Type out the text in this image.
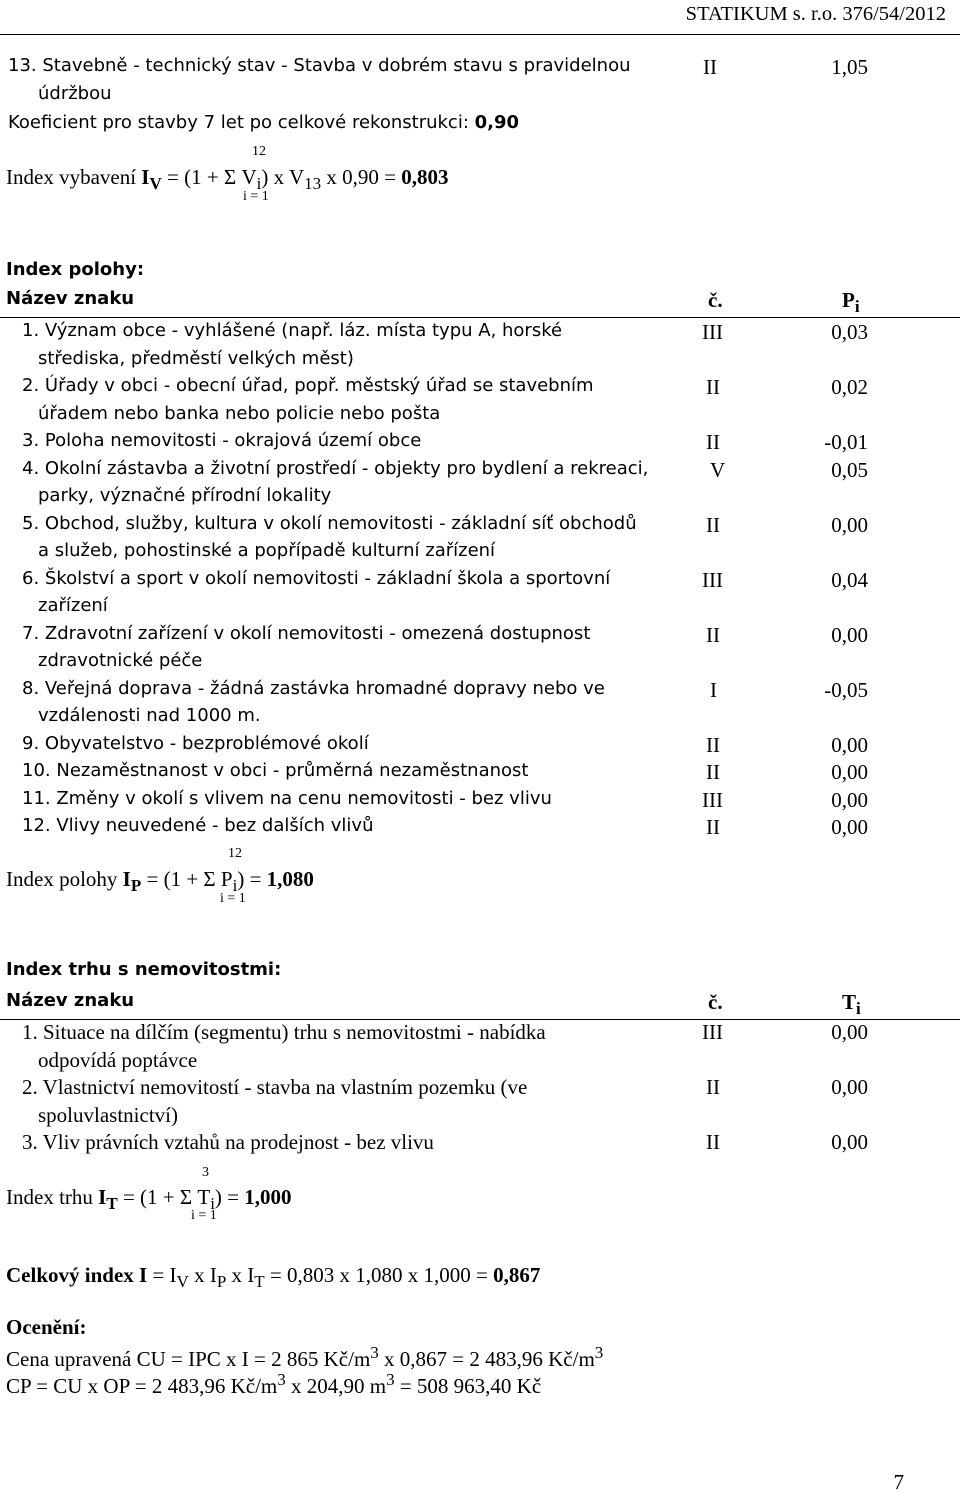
STATIKUM s. r.o. 376/54/2012
13. Stavebně - technický stav - Stavba v dobrém stavu s pravidelnou
údržbou
II	1,05
Koeficient pro stavby 7 let po celkové rekonstrukci: 0,90
12
Index vybavení $I_V = (1 + \Sigma$ $V_i$) x $V_{13}$ x 0,90 = 0,803
i = 1
Index polohy:
Název znaku	č.	$P_i$
1. Význam obce - vyhlášené (např. láz. místa typu A, horské	III	0,03
střediska, předměstí velkých měst)
2. Úřady v obci - obecní úřad, popř. městský úřad se stavebním	II	0,02
úřadem nebo banka nebo policie nebo pošta
3. Poloha nemovitosti - okrajová území obce	II	-0,01
4. Okolní zástavba a životní prostředí - objekty pro bydlení a rekreaci,	V	0,05
parky, význačné přírodní lokality
5. Obchod, služby, kultura v okolí nemovitosti - základní síť obchodů	II	0,00
a služeb, pohostinské a popřípadě kulturní zařízení
6. Školství a sport v okolí nemovitosti - základní škola a sportovní	III	0,04
zařízení
7. Zdravotní zařízení v okolí nemovitosti - omezená dostupnost	II	0,00
zdravotnické péče
8. Veřejná doprava - žádná zastávka hromadné dopravy nebo ve	I	-0,05
vzdálenosti nad 1000 m.
9. Obyvatelstvo - bezproblémové okolí	II	0,00
10. Nezaměstnanost v obci - průměrná nezaměstnanost	II	0,00
11. Změny v okolí s vlivem na cenu nemovitosti - bez vlivu	III	0,00
12. Vlivy neuvedené - bez dalších vlivů	II	0,00
12
Index polohy $I_P = (1 + \Sigma$ $P_i) = 1,080$
i = 1
Index trhu s nemovitostmi:
Název znaku	č.	$T_i$
1. Situace na dílčím (segmentu) trhu s nemovitostmi - nabídka	III	0,00
odpovídá poptávce
2. Vlastnictví nemovitostí - stavba na vlastním pozemku (ve	II	0,00
spoluvlastnictví)
3. Vliv právních vztahů na prodejnost - bez vlivu	II	0,00
3
Index trhu $I_T = (1 + \Sigma$ $T_i) = 1,000$
i = 1
Celkový index $I = I_V$ x $I_P$ x $I_T = 0,803$ x 1,080 x 1,000 = 0,867
Ocenění:
Cena upravená CU = IPC x I = 2 865 $Kč/m^3$ x 0,867 = 2 483,96 $Kč/m^3$
CP = CU x OP = 2 483,96 $Kč/m^3$ x 204,90 $m^3 = 508$ 963,40 Kč
7
